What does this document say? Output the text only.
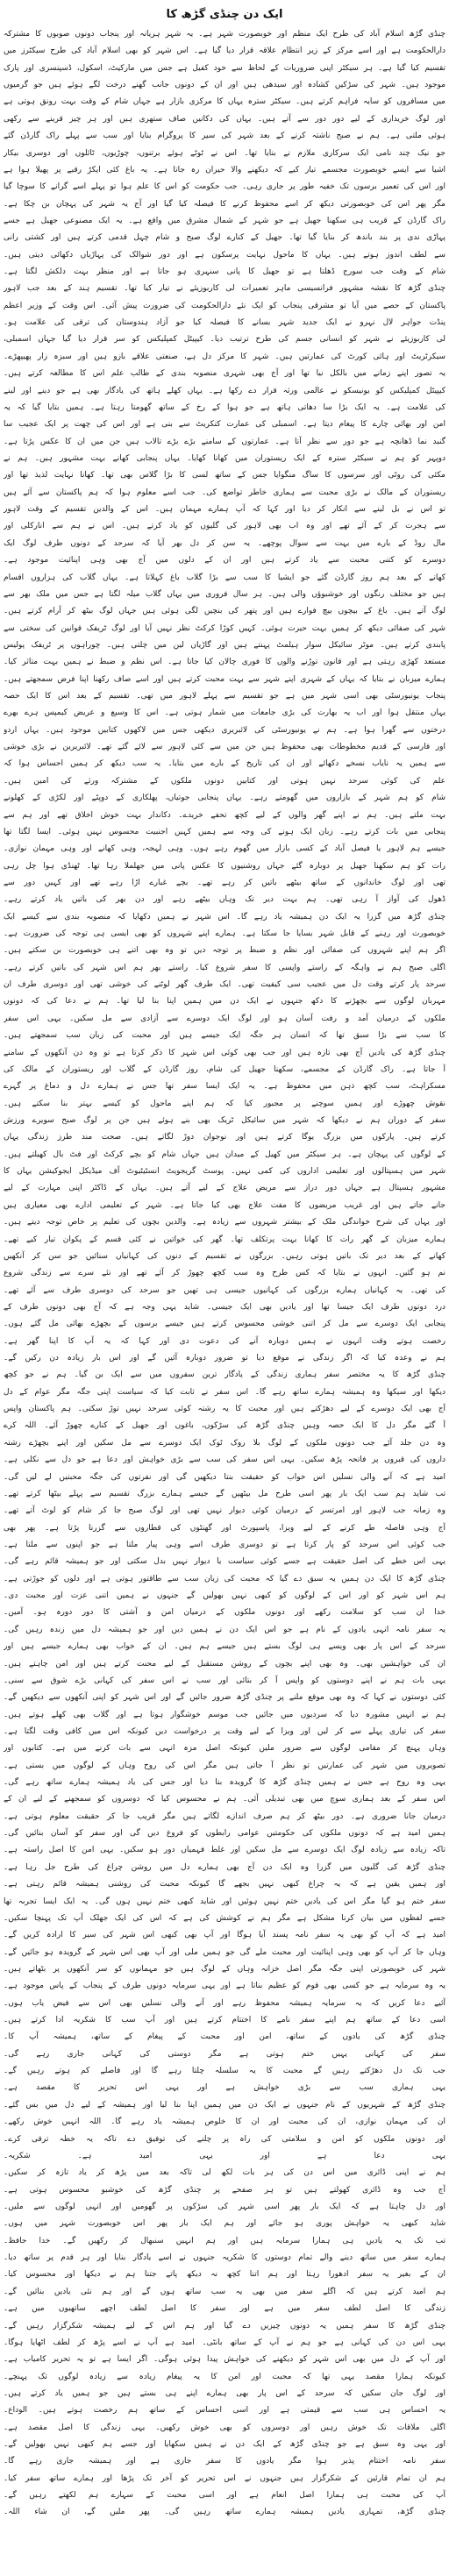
ایک دن چنڈی گڑھ کا
چنڈی گڑھ اسلام آباد کی طرح ایک منظم اور خوبصورت شہر ہے۔ یہ شہر ہریانہ اور پنجاب دونوں صوبوں کا مشترکہ
دارالحکومت ہے اور اسے مرکز کے زیر انتظام علاقہ قرار دیا گیا ہے۔ اس شہر کو بھی اسلام آباد کی طرح سیکٹرز میں
تقسیم کیا گیا ہے۔ ہر سیکٹر اپنی ضروریات کے لحاظ سے خود کفیل ہے جس میں مارکیٹ، اسکول، ڈسپنسری اور پارک
موجود ہیں۔ شہر کی سڑکیں کشادہ اور سیدھی ہیں اور ان کے دونوں جانب گھنے درخت لگے ہوئے ہیں جو گرمیوں
میں مسافروں کو سایہ فراہم کرتے ہیں۔ سیکٹر سترہ یہاں کا مرکزی بازار ہے جہاں شام کے وقت بہت رونق ہوتی ہے
اور لوگ خریداری کے لیے دور دور سے آتے ہیں۔ یہاں کی دکانیں صاف ستھری ہیں اور ہر چیز قرینے سے رکھی
ہوئی ملتی ہے۔ ہم نے صبح ناشتہ کرنے کے بعد شہر کی سیر کا پروگرام بنایا اور سب سے پہلے راک گارڈن گئے
جو نیک چند نامی ایک سرکاری ملازم نے بنایا تھا۔ اس نے ٹوٹے ہوئے برتنوں، چوڑیوں، ٹائلوں اور دوسری بیکار
اشیا سے ایسے خوبصورت مجسمے تیار کیے کہ دیکھنے والا حیران رہ جاتا ہے۔ یہ باغ کئی ایکڑ رقبے پر پھیلا ہوا ہے
اور اس کی تعمیر برسوں تک خفیہ طور پر جاری رہی۔ جب حکومت کو اس کا علم ہوا تو پہلے اسے گرانے کا سوچا گیا
مگر پھر اس کی خوبصورتی دیکھ کر اسے محفوظ کرنے کا فیصلہ کیا گیا اور آج یہ شہر کی پہچان بن چکا ہے۔
راک گارڈن کے قریب ہی سکھنا جھیل ہے جو شہر کے شمال مشرق میں واقع ہے۔ یہ ایک مصنوعی جھیل ہے جسے
پہاڑی ندی پر بند باندھ کر بنایا گیا تھا۔ جھیل کے کنارے لوگ صبح و شام چہل قدمی کرتے ہیں اور کشتی رانی
سے لطف اندوز ہوتے ہیں۔ یہاں کا ماحول نہایت پرسکون ہے اور دور شوالک کی پہاڑیاں دکھائی دیتی ہیں۔
شام کے وقت جب سورج ڈھلتا ہے تو جھیل کا پانی سنہری ہو جاتا ہے اور منظر بہت دلکش لگتا ہے۔
چنڈی گڑھ کا نقشہ مشہور فرانسیسی ماہر تعمیرات لی کاربوزیئے نے تیار کیا تھا۔ تقسیم ہند کے بعد جب لاہور
پاکستان کے حصے میں آیا تو مشرقی پنجاب کو ایک نئے دارالحکومت کی ضرورت پیش آئی۔ اس وقت کے وزیر اعظم
پنڈت جواہر لال نہرو نے ایک جدید شہر بسانے کا فیصلہ کیا جو آزاد ہندوستان کی ترقی کی علامت ہو۔
لی کاربوزیئے نے شہر کو انسانی جسم کی طرح ترتیب دیا۔ کیپیٹل کمپلیکس کو سر قرار دیا گیا جہاں اسمبلی،
سیکرٹریٹ اور ہائی کورٹ کی عمارتیں ہیں۔ شہر کا مرکز دل ہے، صنعتی علاقے بازو ہیں اور سبزہ زار پھیپھڑے۔
یہ تصور اپنے زمانے میں بالکل نیا تھا اور آج بھی شہری منصوبہ بندی کے طالب علم اس کا مطالعہ کرتے ہیں۔
کیپیٹل کمپلیکس کو یونیسکو نے عالمی ورثہ قرار دے رکھا ہے۔ یہاں کھلے ہاتھ کی یادگار بھی ہے جو دینے اور لینے
کی علامت ہے۔ یہ ایک بڑا سا دھاتی ہاتھ ہے جو ہوا کے رخ کے ساتھ گھومتا رہتا ہے۔ ہمیں بتایا گیا کہ یہ
امن اور بھائی چارے کا پیغام دیتا ہے۔ اسمبلی کی عمارت کنکریٹ سے بنی ہے اور اس کی چھت پر ایک عجیب سا
گنبد نما ڈھانچہ ہے جو دور سے نظر آتا ہے۔ عمارتوں کے سامنے بڑے بڑے تالاب ہیں جن میں ان کا عکس پڑتا ہے۔
دوپہر کو ہم نے سیکٹر سترہ کے ایک ریستوران میں کھانا کھایا۔ یہاں پنجابی کھانے بہت مشہور ہیں۔ ہم نے
مکئی کی روٹی اور سرسوں کا ساگ منگوایا جس کے ساتھ لسی کا بڑا گلاس بھی تھا۔ کھانا نہایت لذیذ تھا اور
ریستوران کے مالک نے بڑی محبت سے ہماری خاطر تواضع کی۔ جب اسے معلوم ہوا کہ ہم پاکستان سے آئے ہیں
تو اس نے بل لینے سے انکار کر دیا اور کہا کہ آپ ہمارے مہمان ہیں۔ اس کے والدین تقسیم کے وقت لاہور
سے ہجرت کر کے آئے تھے اور وہ اب بھی لاہور کی گلیوں کو یاد کرتے ہیں۔ اس نے ہم سے انارکلی اور
مال روڈ کے بارے میں بہت سے سوال پوچھے۔ یہ سن کر دل بھر آیا کہ سرحد کے دونوں طرف لوگ ایک
دوسرے کو کتنی محبت سے یاد کرتے ہیں اور ان کے دلوں میں آج بھی وہی اپنائیت موجود ہے۔
کھانے کے بعد ہم روز گارڈن گئے جو ایشیا کا سب سے بڑا گلاب باغ کہلاتا ہے۔ یہاں گلاب کی ہزاروں اقسام
ہیں جو مختلف رنگوں اور خوشبوؤں والی ہیں۔ ہر سال فروری میں یہاں گلاب میلہ لگتا ہے جس میں ملک بھر سے
لوگ آتے ہیں۔ باغ کے بیچوں بیچ فوارے ہیں اور پتھر کی بنچیں لگی ہوئی ہیں جہاں لوگ بیٹھ کر آرام کرتے ہیں۔
شہر کی صفائی دیکھ کر ہمیں بہت حیرت ہوئی۔ کہیں کوڑا کرکٹ نظر نہیں آیا اور لوگ ٹریفک قوانین کی سختی سے
پابندی کرتے ہیں۔ موٹر سائیکل سوار ہیلمٹ پہنتے ہیں اور گاڑیاں لین میں چلتی ہیں۔ چوراہوں پر ٹریفک پولیس
مستعد کھڑی رہتی ہے اور قانون توڑنے والوں کا فوری چالان کیا جاتا ہے۔ اس نظم و ضبط نے ہمیں بہت متاثر کیا۔
ہمارے میزبان نے بتایا کہ یہاں کے شہری اپنے شہر سے بہت محبت کرتے ہیں اور اسے صاف رکھنا اپنا فرض سمجھتے ہیں۔
پنجاب یونیورسٹی بھی اسی شہر میں ہے جو تقسیم سے پہلے لاہور میں تھی۔ تقسیم کے بعد اس کا ایک حصہ
یہاں منتقل ہوا اور اب یہ بھارت کی بڑی جامعات میں شمار ہوتی ہے۔ اس کا وسیع و عریض کیمپس ہرے بھرے
درختوں سے گھرا ہوا ہے۔ ہم نے یونیورسٹی کی لائبریری دیکھی جس میں لاکھوں کتابیں موجود ہیں۔ یہاں اردو
اور فارسی کے قدیم مخطوطات بھی محفوظ ہیں جن میں سے کئی لاہور سے لائے گئے تھے۔ لائبریرین نے بڑی خوشی
سے ہمیں یہ نایاب نسخے دکھائے اور ان کی تاریخ کے بارے میں بتایا۔ یہ سب دیکھ کر ہمیں احساس ہوا کہ
علم کی کوئی سرحد نہیں ہوتی اور کتابیں دونوں ملکوں کے مشترکہ ورثے کی امین ہیں۔
شام کو ہم شہر کے بازاروں میں گھومتے رہے۔ یہاں پنجابی جوتیاں، پھلکاری کے دوپٹے اور لکڑی کے کھلونے
بہت ملتے ہیں۔ ہم نے اپنے گھر والوں کے لیے کچھ تحفے خریدے۔ دکاندار بہت خوش اخلاق تھے اور ہم سے
پنجابی میں بات کرتے رہے۔ زبان ایک ہونے کی وجہ سے ہمیں کہیں اجنبیت محسوس نہیں ہوئی۔ ایسا لگتا تھا
جیسے ہم لاہور یا فیصل آباد کے کسی بازار میں گھوم رہے ہوں۔ وہی لہجہ، وہی کھانے اور وہی مہمان نوازی۔
رات کو ہم سکھنا جھیل پر دوبارہ گئے جہاں روشنیوں کا عکس پانی میں جھلملا رہا تھا۔ ٹھنڈی ہوا چل رہی
تھی اور لوگ خاندانوں کے ساتھ بیٹھے باتیں کر رہے تھے۔ بچے غبارے اڑا رہے تھے اور کہیں دور سے
ڈھول کی آواز آ رہی تھی۔ ہم بہت دیر تک وہاں بیٹھے رہے اور دن بھر کی باتیں یاد کرتے رہے۔
چنڈی گڑھ میں گزرا یہ ایک دن ہمیشہ یاد رہے گا۔ اس شہر نے ہمیں دکھایا کہ منصوبہ بندی سے کیسے ایک
خوبصورت اور رہنے کے قابل شہر بسایا جا سکتا ہے۔ ہمارے اپنے شہروں کو بھی ایسی ہی توجہ کی ضرورت ہے۔
اگر ہم اپنے شہروں کی صفائی اور نظم و ضبط پر توجہ دیں تو وہ بھی اتنے ہی خوبصورت بن سکتے ہیں۔
اگلی صبح ہم نے واہگہ کے راستے واپسی کا سفر شروع کیا۔ راستے بھر ہم اس شہر کی باتیں کرتے رہے۔
سرحد پار کرتے وقت دل میں عجیب سی کیفیت تھی۔ ایک طرف گھر لوٹنے کی خوشی تھی اور دوسری طرف ان
مہربان لوگوں سے بچھڑنے کا دکھ جنہوں نے ایک دن میں ہمیں اپنا بنا لیا تھا۔ ہم نے دعا کی کہ دونوں
ملکوں کے درمیان آمد و رفت آسان ہو اور لوگ ایک دوسرے سے آزادی سے مل سکیں۔ یہی اس سفر
کا سب سے بڑا سبق تھا کہ انسان ہر جگہ ایک جیسے ہیں اور محبت کی زبان سب سمجھتے ہیں۔
چنڈی گڑھ کی یادیں آج بھی تازہ ہیں اور جب بھی کوئی اس شہر کا ذکر کرتا ہے تو وہ دن آنکھوں کے سامنے
آ جاتا ہے۔ راک گارڈن کے مجسمے، سکھنا جھیل کی شام، روز گارڈن کے گلاب اور ریستوران کے مالک کی
مسکراہٹ، سب کچھ ذہن میں محفوظ ہے۔ یہ ایک ایسا سفر تھا جس نے ہمارے دل و دماغ پر گہرے
نقوش چھوڑے اور ہمیں سوچنے پر مجبور کیا کہ ہم اپنے ماحول کو کیسے بہتر بنا سکتے ہیں۔
سفر کے دوران ہم نے دیکھا کہ شہر میں سائیکل ٹریک بھی بنے ہوئے ہیں جن پر لوگ صبح سویرے ورزش
کرتے ہیں۔ پارکوں میں بزرگ یوگا کرتے ہیں اور نوجوان دوڑ لگاتے ہیں۔ صحت مند طرز زندگی یہاں
کے لوگوں کی پہچان ہے۔ ہر سیکٹر میں کھیل کے میدان ہیں جہاں شام کو بچے کرکٹ اور فٹ بال کھیلتے ہیں۔
شہر میں ہسپتالوں اور تعلیمی اداروں کی کمی نہیں۔ پوسٹ گریجویٹ انسٹیٹیوٹ آف میڈیکل ایجوکیشن یہاں کا
مشہور ہسپتال ہے جہاں دور دراز سے مریض علاج کے لیے آتے ہیں۔ یہاں کے ڈاکٹر اپنی مہارت کے لیے
جانے جاتے ہیں اور غریب مریضوں کا مفت علاج بھی کیا جاتا ہے۔ شہر کے تعلیمی ادارے بھی معیاری ہیں
اور یہاں کی شرح خواندگی ملک کے بیشتر شہروں سے زیادہ ہے۔ والدین بچوں کی تعلیم پر خاص توجہ دیتے ہیں۔
ہمارے میزبان کے گھر رات کا کھانا بہت پرتکلف تھا۔ گھر کی خواتین نے کئی قسم کے پکوان تیار کیے تھے۔
کھانے کے بعد دیر تک باتیں ہوتی رہیں۔ بزرگوں نے تقسیم کے دنوں کی کہانیاں سنائیں جو سن کر آنکھیں
نم ہو گئیں۔ انہوں نے بتایا کہ کس طرح وہ سب کچھ چھوڑ کر آئے تھے اور نئے سرے سے زندگی شروع
کی تھی۔ یہ کہانیاں ہمارے بزرگوں کی کہانیوں جیسی ہی تھیں جو سرحد کی دوسری طرف سے آئے تھے۔
درد دونوں طرف ایک جیسا تھا اور یادیں بھی ایک جیسی۔ شاید یہی وجہ ہے کہ آج بھی دونوں طرف کے
پنجابی ایک دوسرے سے مل کر اتنی خوشی محسوس کرتے ہیں جیسے برسوں کے بچھڑے بھائی مل گئے ہوں۔
رخصت ہوتے وقت انہوں نے ہمیں دوبارہ آنے کی دعوت دی اور کہا کہ یہ آپ کا اپنا گھر ہے۔
ہم نے وعدہ کیا کہ اگر زندگی نے موقع دیا تو ضرور دوبارہ آئیں گے اور اس بار زیادہ دن رکیں گے۔
چنڈی گڑھ کا یہ مختصر سفر ہماری زندگی کے یادگار ترین سفروں میں سے ایک بن گیا۔ ہم نے جو کچھ
دیکھا اور سیکھا وہ ہمیشہ ہمارے ساتھ رہے گا۔ اس سفر نے ثابت کیا کہ سیاست اپنی جگہ مگر عوام کے دل
آج بھی ایک دوسرے کے لیے دھڑکتے ہیں اور محبت کا یہ رشتہ کوئی سرحد نہیں توڑ سکتی۔ ہم پاکستان واپس
آ گئے مگر دل کا ایک حصہ وہیں چنڈی گڑھ کی سڑکوں، باغوں اور جھیل کے کنارے چھوڑ آئے۔ اللہ کرے
وہ دن جلد آئے جب دونوں ملکوں کے لوگ بلا روک ٹوک ایک دوسرے سے مل سکیں اور اپنے بچھڑے رشتہ
داروں کی قبروں پر فاتحہ پڑھ سکیں۔ یہی اس سفر کی سب سے بڑی خواہش اور دعا ہے جو دل سے نکلی ہے۔
امید ہے کہ آنے والی نسلیں اس خواب کو حقیقت بنتا دیکھیں گی اور نفرتوں کی جگہ محبتیں لے لیں گی۔
تب شاید ہم سب ایک بار پھر اسی طرح مل بیٹھیں گے جیسے ہمارے بزرگ تقسیم سے پہلے بیٹھا کرتے تھے۔
وہ زمانہ جب لاہور اور امرتسر کے درمیان کوئی دیوار نہیں تھی اور لوگ صبح جا کر شام کو لوٹ آتے تھے۔
آج وہی فاصلہ طے کرنے کے لیے ویزا، پاسپورٹ اور گھنٹوں کی قطاروں سے گزرنا پڑتا ہے۔ پھر بھی
جب کوئی اس سرحد کو پار کرتا ہے تو دوسری طرف اسے وہی پیار ملتا ہے جو اپنوں سے ملتا ہے۔
یہی اس خطے کی اصل حقیقت ہے جسے کوئی سیاست یا دیوار نہیں بدل سکتی اور جو ہمیشہ قائم رہے گی۔
چنڈی گڑھ کا ایک دن ہمیں یہ سبق دے گیا کہ محبت کی زبان سب سے طاقتور ہوتی ہے اور دلوں کو جوڑتی ہے۔
ہم اس شہر کو اور اس کے لوگوں کو کبھی نہیں بھولیں گے جنہوں نے ہمیں اتنی عزت اور محبت دی۔
خدا ان سب کو سلامت رکھے اور دونوں ملکوں کے درمیان امن و آشتی کا دور دورہ ہو۔ آمین۔
یہ سفر نامہ انہی یادوں کے نام ہے جو اس ایک دن نے ہمیں دیں اور جو ہمیشہ دل میں زندہ رہیں گی۔
سرحد کے اس پار بھی ویسے ہی لوگ بستے ہیں جیسے ہم ہیں۔ ان کے خواب بھی ہمارے جیسے ہیں اور
ان کی خواہشیں بھی۔ وہ بھی اپنے بچوں کے روشن مستقبل کے لیے محنت کرتے ہیں اور امن چاہتے ہیں۔
یہی بات ہم نے اپنے دوستوں کو واپس آ کر بتائی اور سب نے اس سفر کی کہانی بڑے شوق سے سنی۔
کئی دوستوں نے کہا کہ وہ بھی موقع ملنے پر چنڈی گڑھ ضرور جائیں گے اور اس شہر کو اپنی آنکھوں سے دیکھیں گے۔
ہم نے انہیں مشورہ دیا کہ سردیوں میں جائیں جب موسم خوشگوار ہوتا ہے اور گلاب بھی کھلے ہوتے ہیں۔
سفر کی تیاری پہلے سے کر لیں اور ویزا کے لیے وقت پر درخواست دیں کیونکہ اس میں کافی وقت لگتا ہے۔
وہاں پہنچ کر مقامی لوگوں سے ضرور ملیں کیونکہ اصل مزہ انہی سے بات کرنے میں ہے۔ کتابوں اور
تصویروں میں شہر کی عمارتیں تو نظر آ جاتی ہیں مگر اس کی روح وہاں کے لوگوں میں بستی ہے۔
یہی وہ روح ہے جس نے ہمیں چنڈی گڑھ کا گرویدہ بنا دیا اور جس کی یاد ہمیشہ ہمارے ساتھ رہے گی۔
اس سفر کے بعد ہماری سوچ میں بھی تبدیلی آئی۔ ہم نے محسوس کیا کہ دوسروں کو سمجھنے کے لیے ان کے
درمیان جانا ضروری ہے۔ دور بیٹھ کر ہم صرف اندازے لگاتے ہیں مگر قریب جا کر حقیقت معلوم ہوتی ہے۔
ہمیں امید ہے کہ دونوں ملکوں کی حکومتیں عوامی رابطوں کو فروغ دیں گی اور سفر کو آسان بنائیں گی۔
تاکہ زیادہ سے زیادہ لوگ ایک دوسرے سے مل سکیں اور غلط فہمیاں دور ہو سکیں۔ یہی امن کا اصل راستہ ہے۔
چنڈی گڑھ کی گلیوں میں گزرا وہ ایک دن آج بھی ہمارے دل میں روشن چراغ کی طرح جل رہا ہے۔
اور ہمیں یقین ہے کہ یہ چراغ کبھی نہیں بجھے گا کیونکہ محبت کی روشنی ہمیشہ قائم رہتی ہے۔
سفر ختم ہو گیا مگر اس کی یادیں ختم نہیں ہوئیں اور شاید کبھی ختم نہیں ہوں گی۔ یہ ایک ایسا تجربہ تھا
جسے لفظوں میں بیان کرنا مشکل ہے مگر ہم نے کوشش کی ہے کہ اس کی ایک جھلک آپ تک پہنچا سکیں۔
امید ہے کہ آپ کو بھی یہ سفر نامہ پسند آیا ہوگا اور آپ بھی کبھی اس شہر کی سیر کا ارادہ کریں گے۔
وہاں جا کر آپ کو بھی وہی اپنائیت اور محبت ملے گی جو ہمیں ملی اور آپ بھی اس شہر کے گرویدہ ہو جائیں گے۔
شہر کی خوبصورتی اپنی جگہ مگر اصل خزانہ وہاں کے لوگ ہیں جو مہمانوں کو سر آنکھوں پر بٹھاتے ہیں۔
یہ وہ سرمایہ ہے جو کسی بھی قوم کو عظیم بناتا ہے اور یہی سرمایہ دونوں طرف کے پنجاب کے پاس موجود ہے۔
آئیے دعا کریں کہ یہ سرمایہ ہمیشہ محفوظ رہے اور آنے والی نسلیں بھی اس سے فیض یاب ہوں۔
اسی دعا کے ساتھ ہم اپنے سفر نامے کا اختتام کرتے ہیں اور آپ سب کا شکریہ ادا کرتے ہیں۔
چنڈی گڑھ کی یادوں کے ساتھ، امن اور محبت کے پیغام کے ساتھ، ہمیشہ آپ کا۔
سفر کی کہانی یہیں ختم ہوتی ہے مگر دوستی کی کہانی جاری رہے گی۔
جب تک دل دھڑکتے رہیں گے محبت کا یہ سلسلہ چلتا رہے گا اور فاصلے کم ہوتے رہیں گے۔
یہی ہماری سب سے بڑی خواہش ہے اور یہی اس تحریر کا مقصد ہے۔
چنڈی گڑھ کے شہریوں کے نام جنہوں نے ایک دن میں ہمیں اپنا بنا لیا اور ہمیشہ کے لیے دل میں بس گئے۔
ان کی مہمان نوازی، ان کی محبت اور ان کا خلوص ہمیشہ یاد رہے گا۔ اللہ انہیں خوش رکھے۔
اور دونوں ملکوں کو امن و سلامتی کی راہ پر چلنے کی توفیق دے تاکہ یہ خطہ ترقی کرے۔
یہی دعا ہے اور یہی امید ہے۔ شکریہ۔
ہم نے اپنی ڈائری میں اس دن کی ہر بات لکھ لی تاکہ بعد میں پڑھ کر یاد تازہ کر سکیں۔
آج جب وہ ڈائری کھولتے ہیں تو ہر صفحے پر چنڈی گڑھ کی خوشبو محسوس ہوتی ہے۔
اور دل چاہتا ہے کہ ایک بار پھر اسی شہر کی سڑکوں پر گھومیں اور انہی لوگوں سے ملیں۔
شاید کبھی یہ خواہش پوری ہو جائے اور ہم ایک بار پھر اس خوبصورت شہر میں ہوں۔
تب تک یہ یادیں ہی ہمارا سرمایہ ہیں اور ہم انہیں سنبھال کر رکھیں گے۔ خدا حافظ۔
ہمارے سفر میں ساتھ دینے والے تمام دوستوں کا شکریہ جنہوں نے اسے یادگار بنایا اور ہر قدم پر ساتھ دیا۔
ان کے بغیر یہ سفر ادھورا رہتا اور ہم اتنا کچھ نہ دیکھ پاتے جتنا ہم نے دیکھا اور محسوس کیا۔
ہم امید کرتے ہیں کہ اگلے سفر میں بھی یہ سب ساتھ ہوں گے اور ہم نئی یادیں بنائیں گے۔
زندگی کا اصل لطف سفر میں ہے اور سفر کا اصل لطف اچھے ساتھیوں میں ہے۔
چنڈی گڑھ کا سفر ہمیں یہ دونوں چیزیں دے گیا اور ہم اس کے لیے ہمیشہ شکرگزار رہیں گے۔
یہی اس دن کی کہانی ہے جو ہم نے آپ کے ساتھ بانٹی۔ امید ہے آپ نے اسے پڑھ کر لطف اٹھایا ہوگا۔
اور آپ کے دل میں بھی اس شہر کو دیکھنے کی خواہش پیدا ہوئی ہوگی۔ اگر ایسا ہے تو یہ تحریر کامیاب ہے۔
کیونکہ ہمارا مقصد یہی تھا کہ محبت اور امن کا یہ پیغام زیادہ سے زیادہ لوگوں تک پہنچے۔
اور لوگ جان سکیں کہ سرحد کے اس پار بھی ہمارے اپنے ہی بستے ہیں جو ہمیں یاد کرتے ہیں۔
یہ احساس ہی سب سے قیمتی ہے اور اسی احساس کے ساتھ ہم رخصت ہوتے ہیں۔ الوداع۔
اگلی ملاقات تک خوش رہیں اور دوسروں کو بھی خوش رکھیں۔ یہی زندگی کا اصل مقصد ہے۔
اور یہی وہ سبق ہے جو چنڈی گڑھ کے ایک دن نے ہمیں سکھایا اور جسے ہم کبھی نہیں بھولیں گے۔
سفر نامہ اختتام پذیر ہوا مگر یادوں کا سفر جاری ہے اور ہمیشہ جاری رہے گا۔
ہم ان تمام قارئین کے شکرگزار ہیں جنہوں نے اس تحریر کو آخر تک پڑھا اور ہمارے ساتھ سفر کیا۔
آپ کی محبت ہی ہمارا اصل انعام ہے اور اسی محبت کے سہارے ہم لکھتے رہیں گے۔
چنڈی گڑھ، تمہاری یادیں ہمیشہ ہمارے ساتھ رہیں گی۔ پھر ملیں گے، ان شاء اللہ۔
